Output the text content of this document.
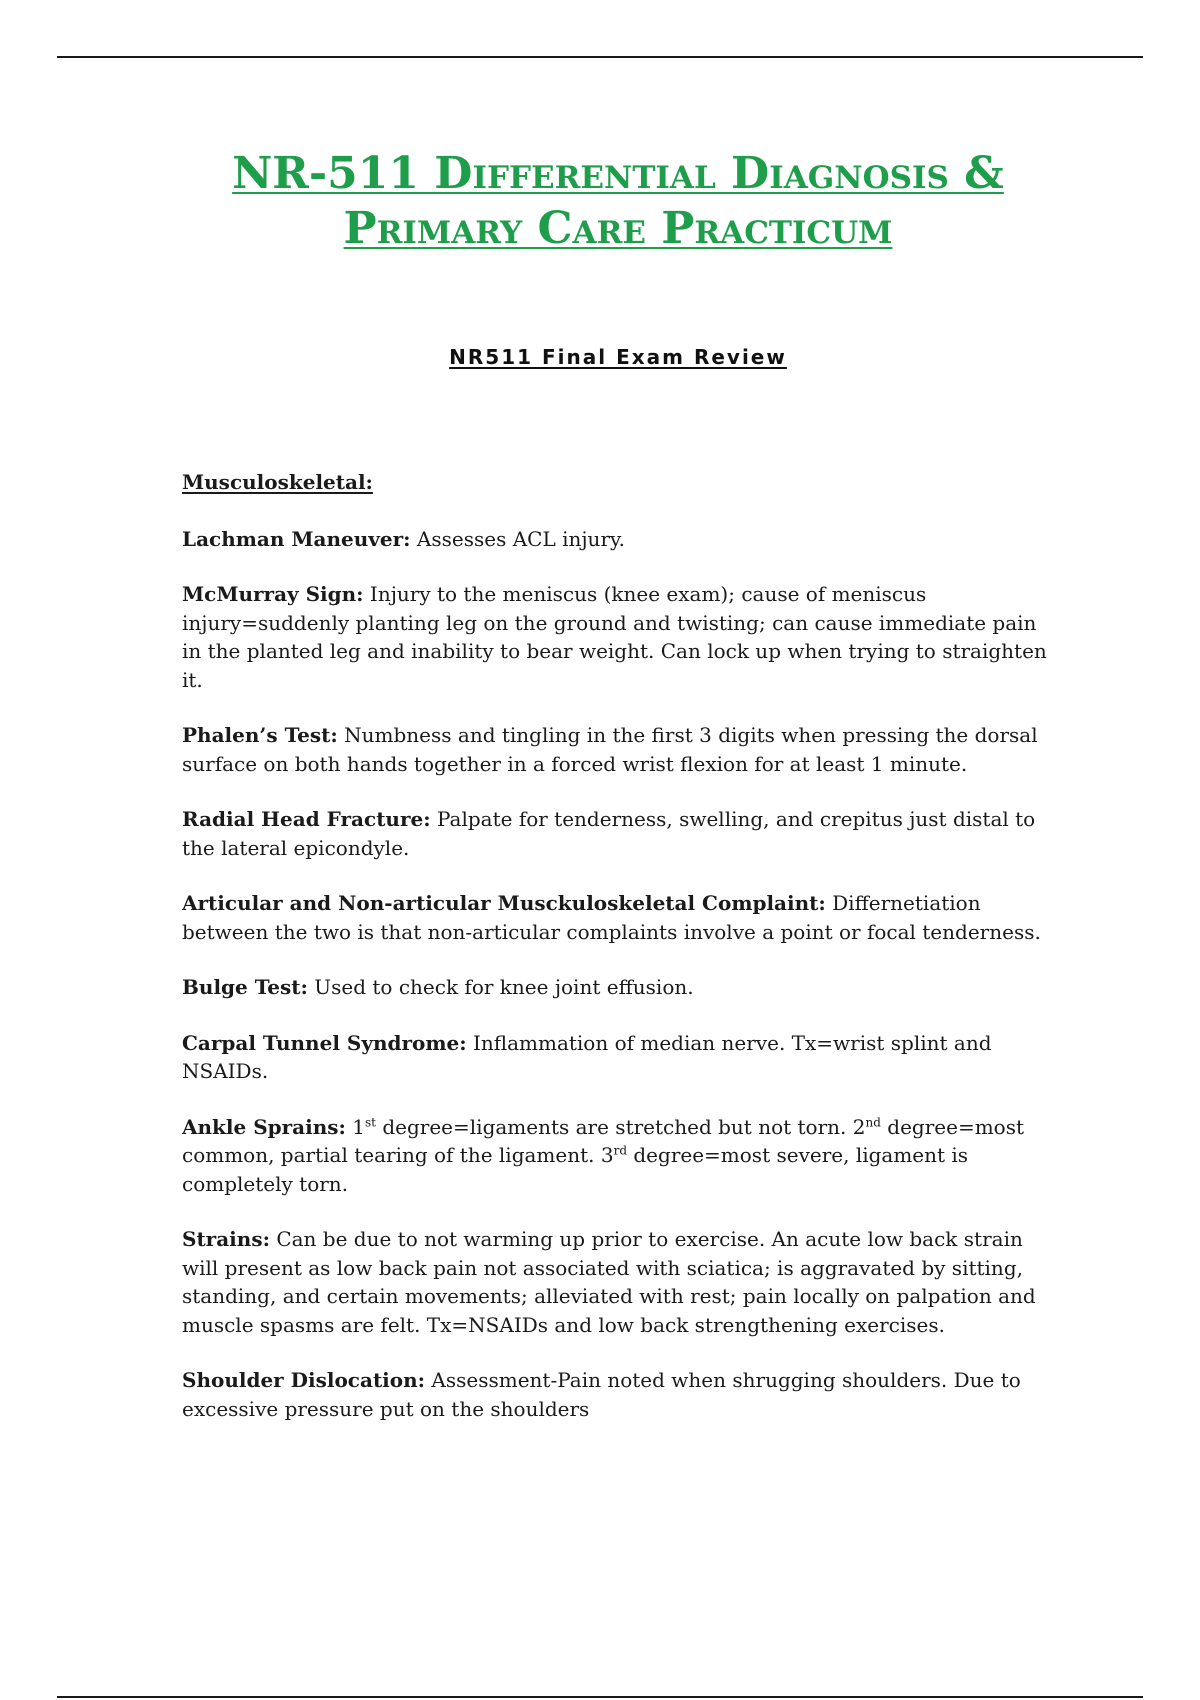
NR-511 Differential Diagnosis &
Primary Care Practicum
NR511 Final Exam Review

Musculoskeletal:

Lachman Maneuver: Assesses ACL injury.

McMurray Sign: Injury to the meniscus (knee exam); cause of meniscus injury=suddenly planting leg on the ground and twisting; can cause immediate pain in the planted leg and inability to bear weight. Can lock up when trying to straighten it.

Phalen’s Test: Numbness and tingling in the first 3 digits when pressing the dorsal surface on both hands together in a forced wrist flexion for at least 1 minute.

Radial Head Fracture: Palpate for tenderness, swelling, and crepitus just distal to the lateral epicondyle.

Articular and Non-articular Musckuloskeletal Complaint: Differnetiation between the two is that non-articular complaints involve a point or focal tenderness.

Bulge Test: Used to check for knee joint effusion.

Carpal Tunnel Syndrome: Inflammation of median nerve. Tx=wrist splint and NSAIDs.

Ankle Sprains: 1st degree=ligaments are stretched but not torn. 2nd degree=most common, partial tearing of the ligament. 3rd degree=most severe, ligament is completely torn.

Strains: Can be due to not warming up prior to exercise. An acute low back strain will present as low back pain not associated with sciatica; is aggravated by sitting, standing, and certain movements; alleviated with rest; pain locally on palpation and muscle spasms are felt. Tx=NSAIDs and low back strengthening exercises.

Shoulder Dislocation: Assessment-Pain noted when shrugging shoulders. Due to excessive pressure put on the shoulders
